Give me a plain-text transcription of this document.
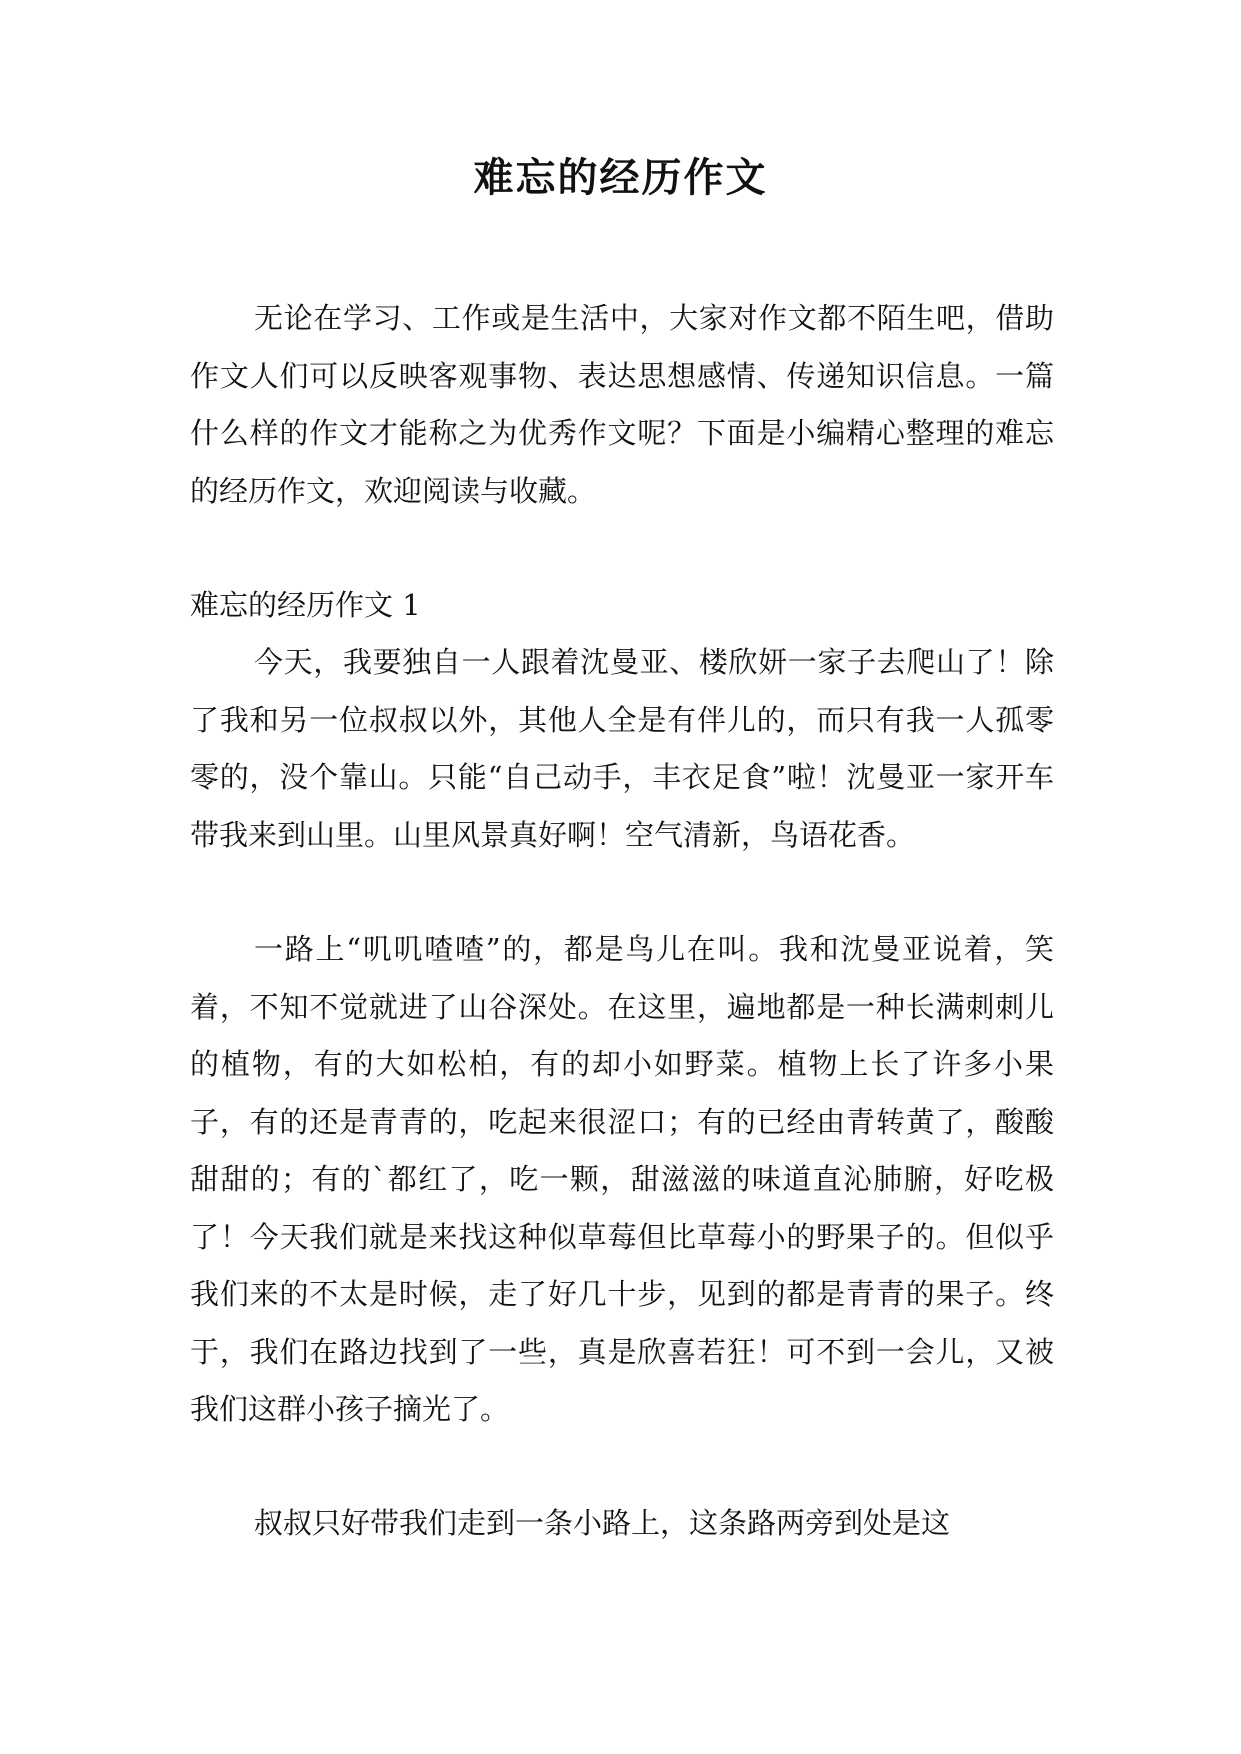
难忘的经历作文

无论在学习、工作或是生活中，大家对作文都不陌生吧，借助作文人们可以反映客观事物、表达思想感情、传递知识信息。一篇什么样的作文才能称之为优秀作文呢？下面是小编精心整理的难忘的经历作文，欢迎阅读与收藏。

难忘的经历作文 1

今天，我要独自一人跟着沈曼亚、楼欣妍一家子去爬山了！除了我和另一位叔叔以外，其他人全是有伴儿的，而只有我一人孤零零的，没个靠山。只能“自己动手，丰衣足食”啦！沈曼亚一家开车带我来到山里。山里风景真好啊！空气清新，鸟语花香。

一路上“叽叽喳喳”的，都是鸟儿在叫。我和沈曼亚说着，笑着，不知不觉就进了山谷深处。在这里，遍地都是一种长满刺刺儿的植物，有的大如松柏，有的却小如野菜。植物上长了许多小果子，有的还是青青的，吃起来很涩口；有的已经由青转黄了，酸酸甜甜的；有的`都红了，吃一颗，甜滋滋的味道直沁肺腑，好吃极了！今天我们就是来找这种似草莓但比草莓小的野果子的。但似乎我们来的不太是时候，走了好几十步，见到的都是青青的果子。终于，我们在路边找到了一些，真是欣喜若狂！可不到一会儿，又被我们这群小孩子摘光了。

叔叔只好带我们走到一条小路上，这条路两旁到处是这
